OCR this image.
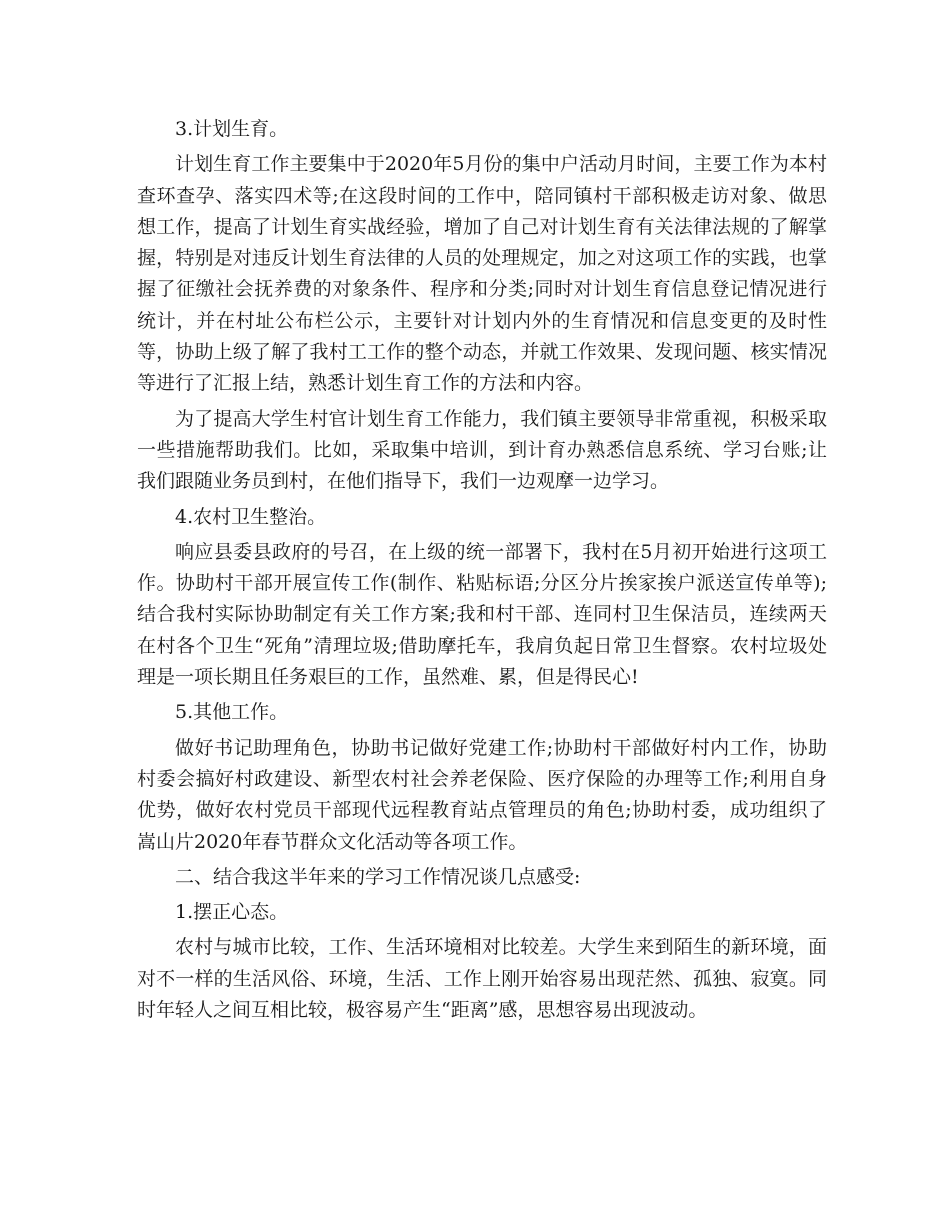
3.计划生育。

计划生育工作主要集中于2020年5月份的集中户活动月时间，主要工作为本村查环查孕、落实四术等;在这段时间的工作中，陪同镇村干部积极走访对象、做思想工作，提高了计划生育实战经验，增加了自己对计划生育有关法律法规的了解掌握，特别是对违反计划生育法律的人员的处理规定，加之对这项工作的实践，也掌握了征缴社会抚养费的对象条件、程序和分类;同时对计划生育信息登记情况进行统计，并在村址公布栏公示，主要针对计划内外的生育情况和信息变更的及时性等，协助上级了解了我村工工作的整个动态，并就工作效果、发现问题、核实情况等进行了汇报上结，熟悉计划生育工作的方法和内容。

为了提高大学生村官计划生育工作能力，我们镇主要领导非常重视，积极采取一些措施帮助我们。比如，采取集中培训，到计育办熟悉信息系统、学习台账;让我们跟随业务员到村，在他们指导下，我们一边观摩一边学习。

4.农村卫生整治。

响应县委县政府的号召，在上级的统一部署下，我村在5月初开始进行这项工作。协助村干部开展宣传工作(制作、粘贴标语;分区分片挨家挨户派送宣传单等);结合我村实际协助制定有关工作方案;我和村干部、连同村卫生保洁员，连续两天在村各个卫生“死角”清理垃圾;借助摩托车，我肩负起日常卫生督察。农村垃圾处理是一项长期且任务艰巨的工作，虽然难、累，但是得民心!

5.其他工作。

做好书记助理角色，协助书记做好党建工作;协助村干部做好村内工作，协助村委会搞好村政建设、新型农村社会养老保险、医疗保险的办理等工作;利用自身优势，做好农村党员干部现代远程教育站点管理员的角色;协助村委，成功组织了嵩山片2020年春节群众文化活动等各项工作。

二、结合我这半年来的学习工作情况谈几点感受:

1.摆正心态。

农村与城市比较，工作、生活环境相对比较差。大学生来到陌生的新环境，面对不一样的生活风俗、环境，生活、工作上刚开始容易出现茫然、孤独、寂寞。同时年轻人之间互相比较，极容易产生“距离”感，思想容易出现波动。
